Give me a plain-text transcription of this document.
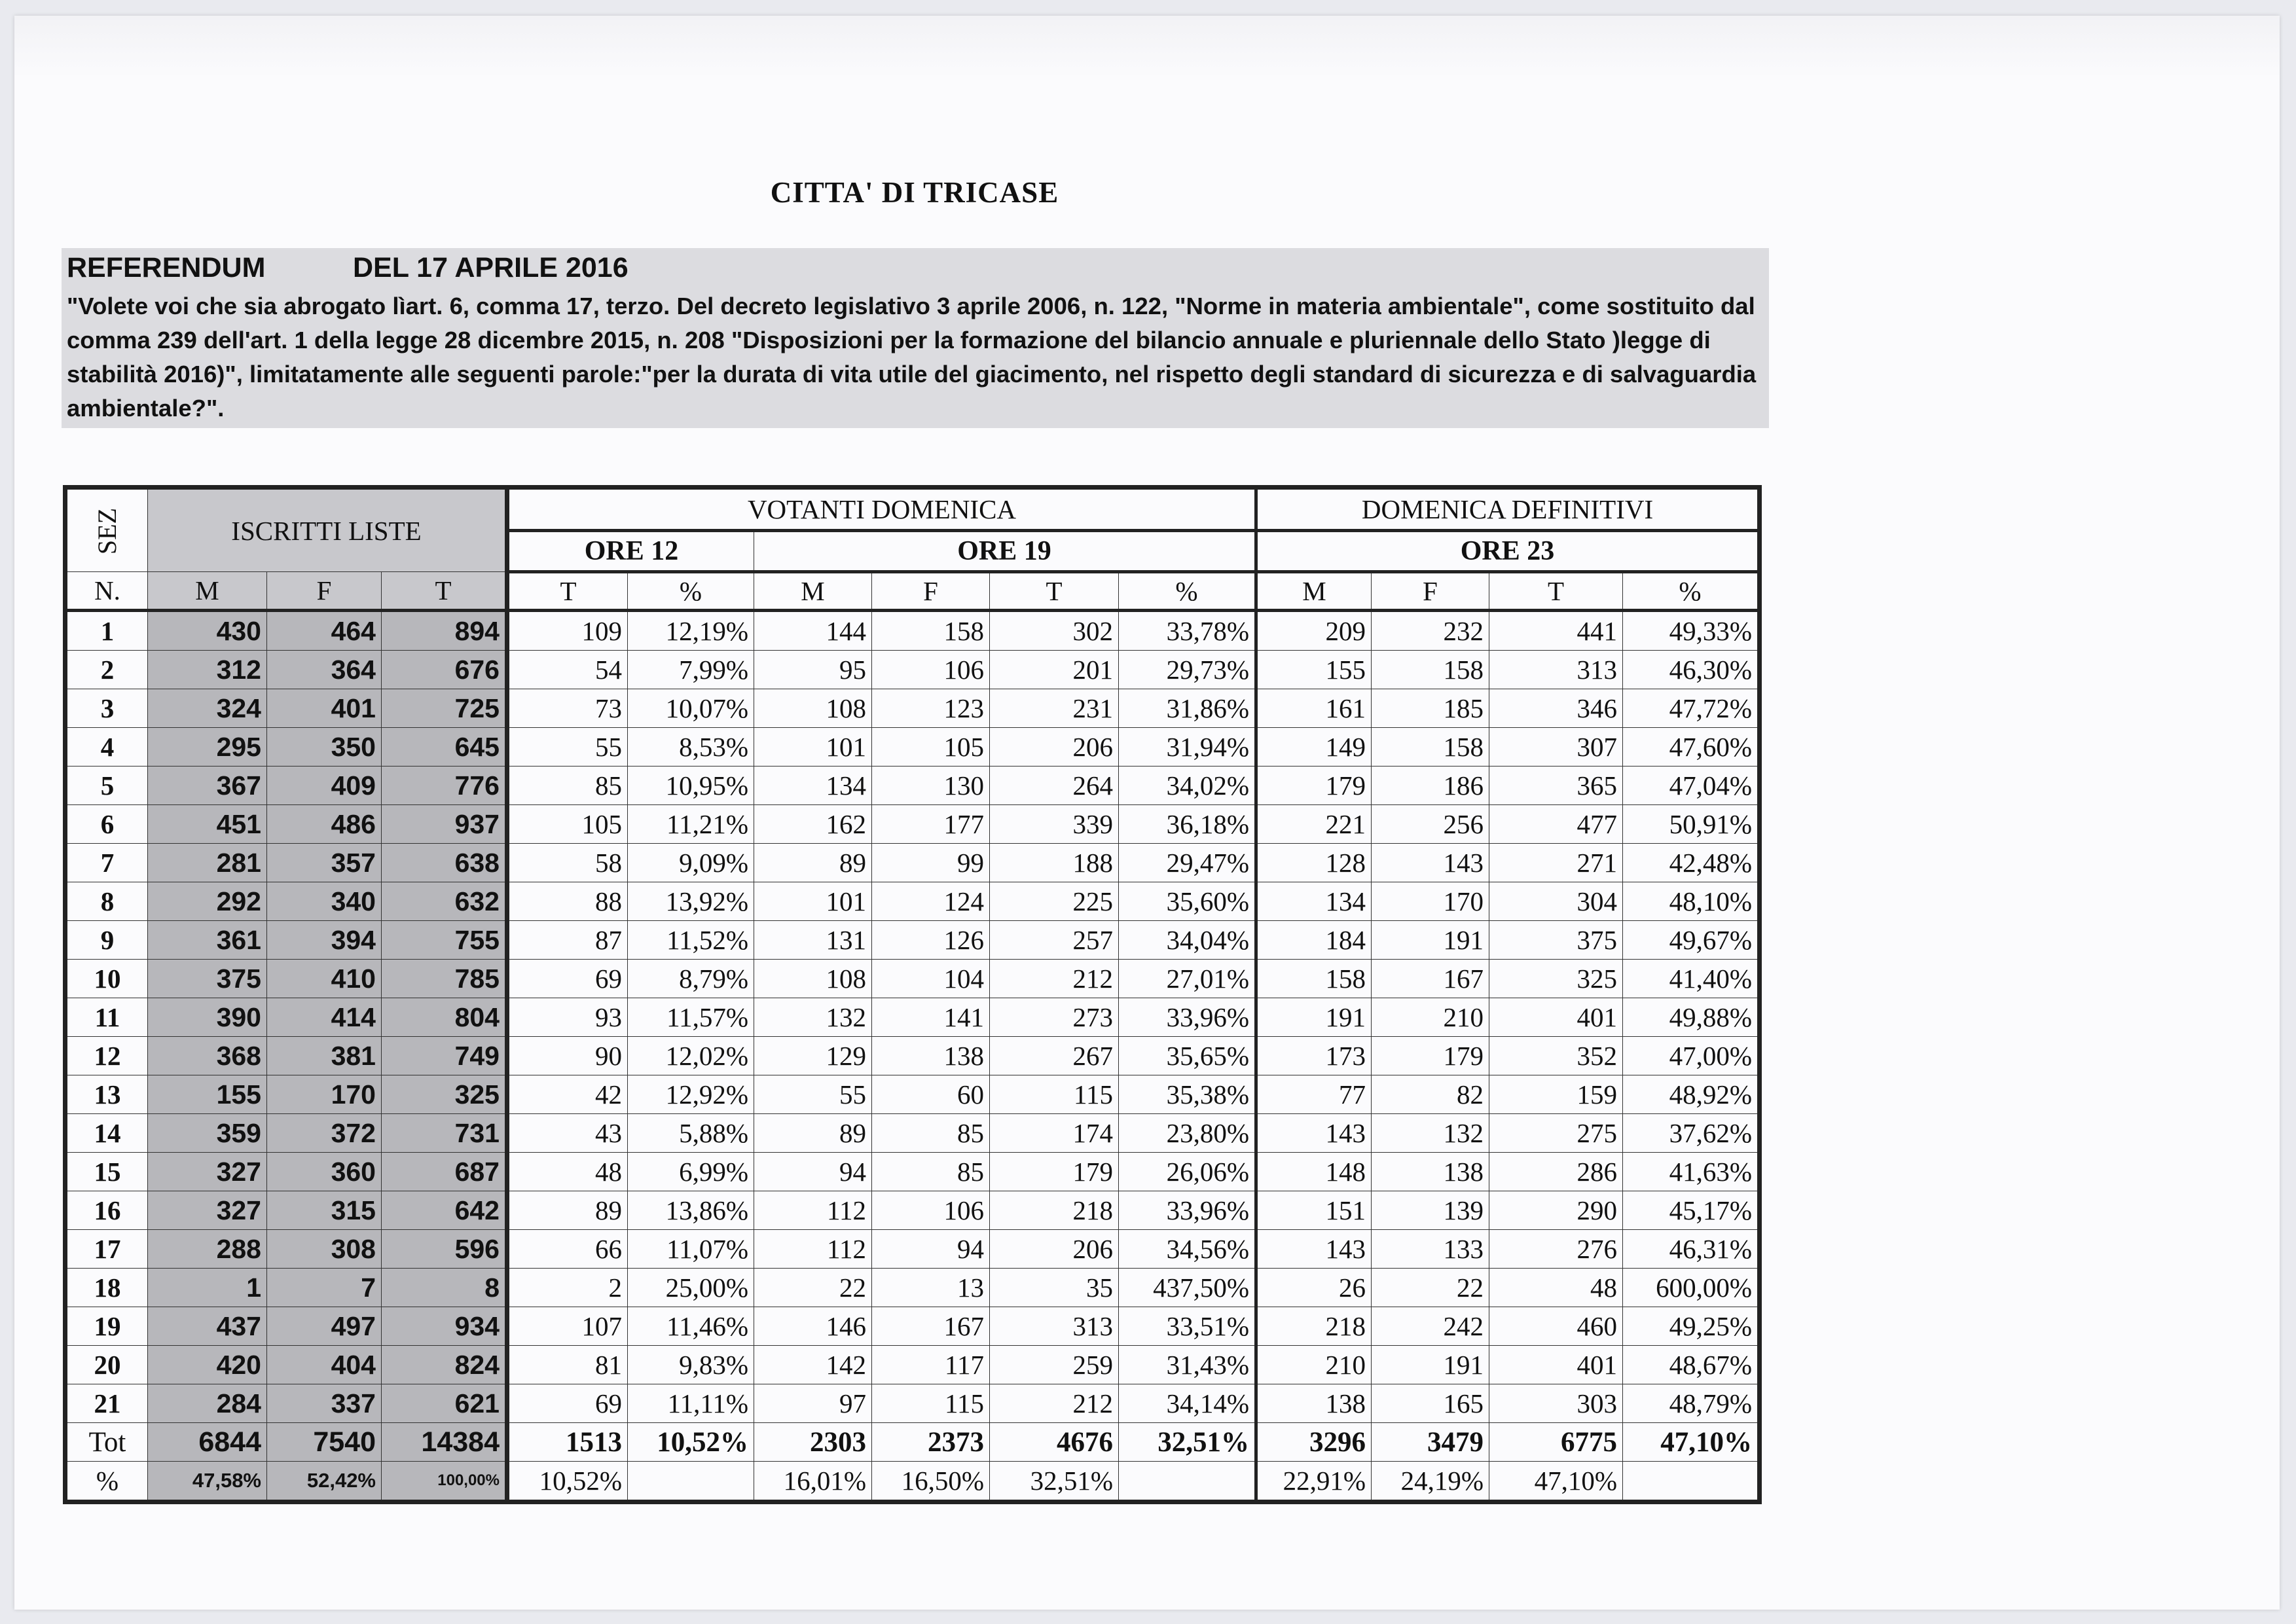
CITTA' DI TRICASE
REFERENDUM	DEL 17 APRILE 2016
"Volete voi che sia abrogato lìart. 6, comma 17, terzo. Del decreto legislativo 3 aprile 2006, n. 122, "Norme in materia ambientale", come sostituito dal comma 239 dell'art. 1 della legge 28 dicembre 2015, n. 208 "Disposizioni per la formazione del bilancio annuale e pluriennale dello Stato )legge di stabilità 2016)", limitatamente alle seguenti parole:"per la durata di vita utile del giacimento, nel rispetto degli standard di sicurezza e di salvaguardia ambientale?".
SEZ	ISCRITTI LISTE			VOTANTI DOMENICA						DOMENICA DEFINITIVI			
				ORE 12		ORE 19				ORE 23			
N.	M	F	T	T	%	M	F	T	%	M	F	T	%
1	430	464	894	109	12,19%	144	158	302	33,78%	209	232	441	49,33%
2	312	364	676	54	7,99%	95	106	201	29,73%	155	158	313	46,30%
3	324	401	725	73	10,07%	108	123	231	31,86%	161	185	346	47,72%
4	295	350	645	55	8,53%	101	105	206	31,94%	149	158	307	47,60%
5	367	409	776	85	10,95%	134	130	264	34,02%	179	186	365	47,04%
6	451	486	937	105	11,21%	162	177	339	36,18%	221	256	477	50,91%
7	281	357	638	58	9,09%	89	99	188	29,47%	128	143	271	42,48%
8	292	340	632	88	13,92%	101	124	225	35,60%	134	170	304	48,10%
9	361	394	755	87	11,52%	131	126	257	34,04%	184	191	375	49,67%
10	375	410	785	69	8,79%	108	104	212	27,01%	158	167	325	41,40%
11	390	414	804	93	11,57%	132	141	273	33,96%	191	210	401	49,88%
12	368	381	749	90	12,02%	129	138	267	35,65%	173	179	352	47,00%
13	155	170	325	42	12,92%	55	60	115	35,38%	77	82	159	48,92%
14	359	372	731	43	5,88%	89	85	174	23,80%	143	132	275	37,62%
15	327	360	687	48	6,99%	94	85	179	26,06%	148	138	286	41,63%
16	327	315	642	89	13,86%	112	106	218	33,96%	151	139	290	45,17%
17	288	308	596	66	11,07%	112	94	206	34,56%	143	133	276	46,31%
18	1	7	8	2	25,00%	22	13	35	437,50%	26	22	48	600,00%
19	437	497	934	107	11,46%	146	167	313	33,51%	218	242	460	49,25%
20	420	404	824	81	9,83%	142	117	259	31,43%	210	191	401	48,67%
21	284	337	621	69	11,11%	97	115	212	34,14%	138	165	303	48,79%
Tot	6844	7540	14384	1513	10,52%	2303	2373	4676	32,51%	3296	3479	6775	47,10%
%	47,58%	52,42%	100,00%	10,52%		16,01%	16,50%	32,51%		22,91%	24,19%	47,10%	
